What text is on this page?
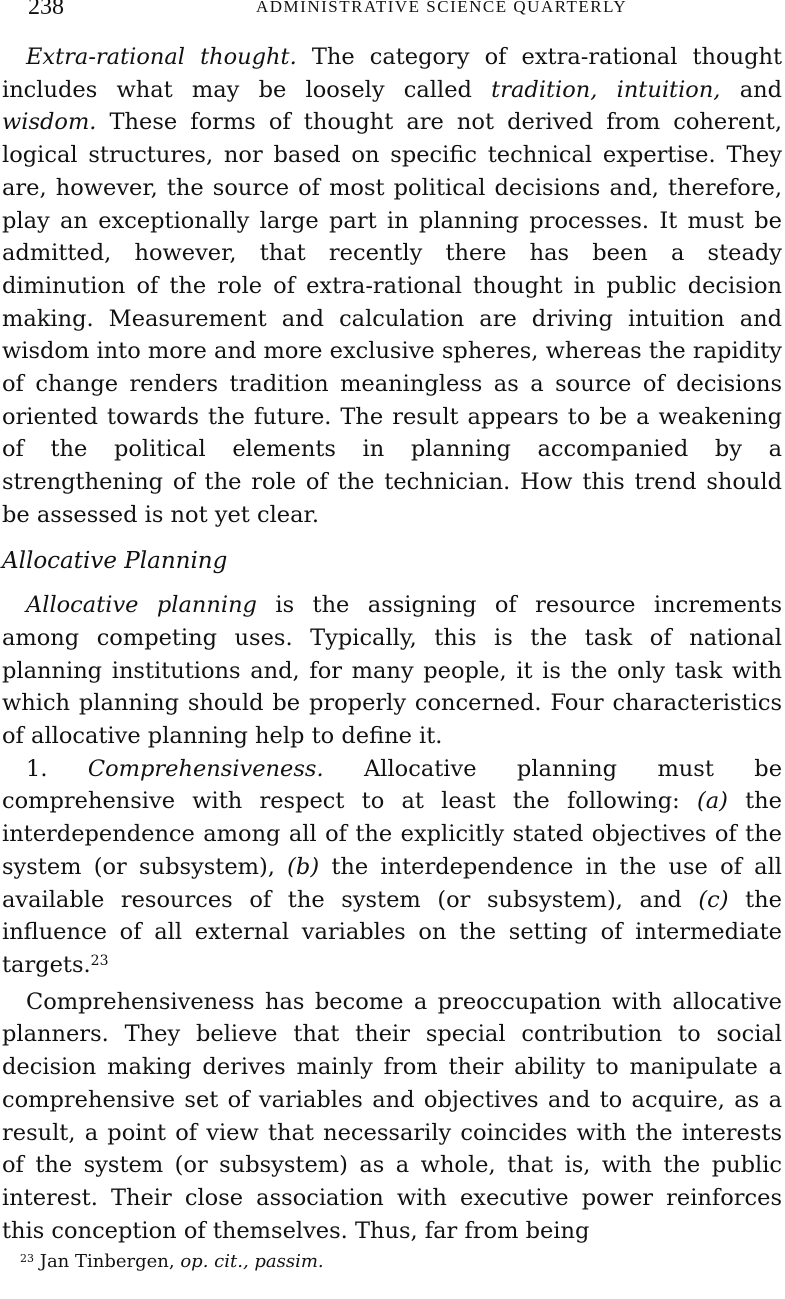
238	ADMINISTRATIVE SCIENCE QUARTERLY

Extra-rational thought. The category of extra-rational thought includes what may be loosely called tradition, intuition, and wisdom. These forms of thought are not derived from coherent, logical structures, nor based on specific technical expertise. They are, however, the source of most political decisions and, therefore, play an exceptionally large part in planning processes. It must be admitted, however, that recently there has been a steady diminution of the role of extra-rational thought in public decision making. Measurement and calculation are driving intuition and wisdom into more and more exclusive spheres, whereas the rapidity of change renders tradition meaningless as a source of decisions oriented towards the future. The result appears to be a weakening of the political elements in planning accompanied by a strengthening of the role of the technician. How this trend should be assessed is not yet clear.

Allocative Planning

Allocative planning is the assigning of resource increments among competing uses. Typically, this is the task of national planning institutions and, for many people, it is the only task with which planning should be properly concerned. Four characteristics of allocative planning help to define it.

1. Comprehensiveness. Allocative planning must be comprehensive with respect to at least the following: (a) the interdependence among all of the explicitly stated objectives of the system (or subsystem), (b) the interdependence in the use of all available resources of the system (or subsystem), and (c) the influence of all external variables on the setting of intermediate targets.$^{23}$

Comprehensiveness has become a preoccupation with allocative planners. They believe that their special contribution to social decision making derives mainly from their ability to manipulate a comprehensive set of variables and objectives and to acquire, as a result, a point of view that necessarily coincides with the interests of the system (or subsystem) as a whole, that is, with the public interest. Their close association with executive power reinforces this conception of themselves. Thus, far from being

$^{23}$ Jan Tinbergen, op. cit., passim.
